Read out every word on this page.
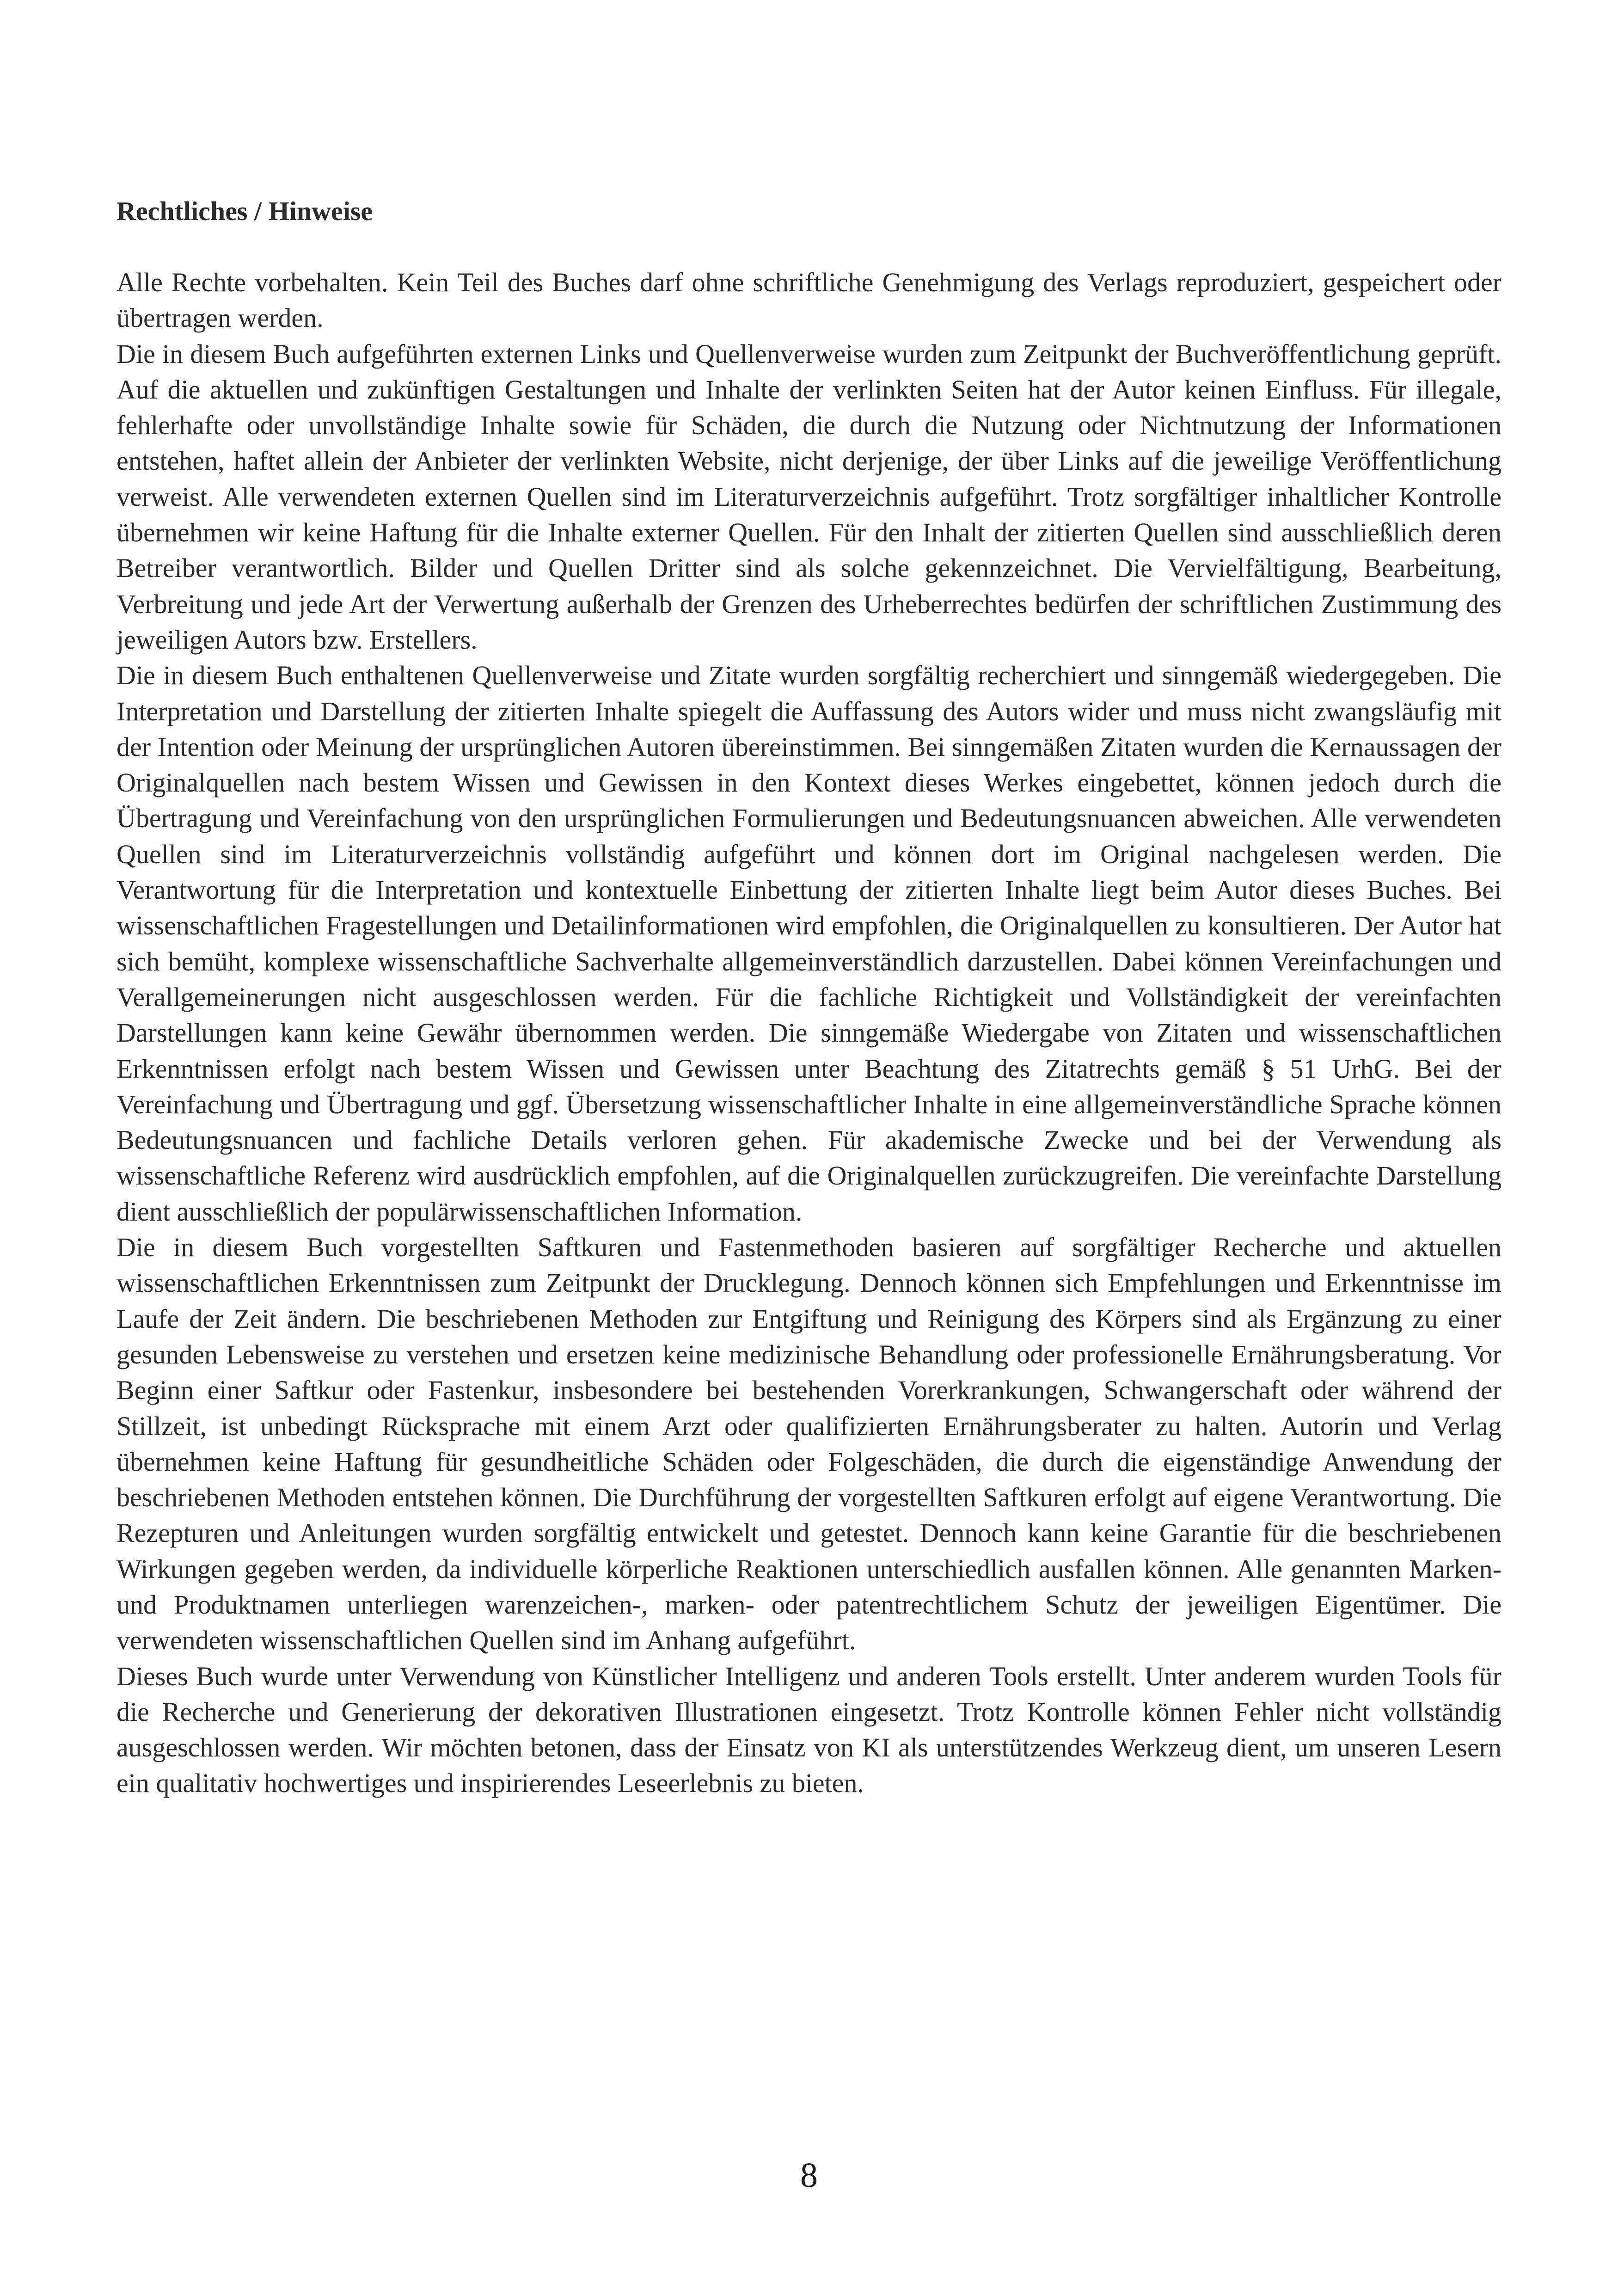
Rechtliches / Hinweise

Alle Rechte vorbehalten. Kein Teil des Buches darf ohne schriftliche Genehmigung des Verlags reproduziert, gespeichert oder übertragen werden.

Die in diesem Buch aufgeführten externen Links und Quellenverweise wurden zum Zeitpunkt der Buchveröffentlichung geprüft. Auf die aktuellen und zukünftigen Gestaltungen und Inhalte der verlinkten Seiten hat der Autor keinen Einfluss. Für illegale, fehlerhafte oder unvollständige Inhalte sowie für Schäden, die durch die Nutzung oder Nichtnutzung der Informationen entstehen, haftet allein der Anbieter der verlinkten Website, nicht derjenige, der über Links auf die jeweilige Veröffentlichung verweist. Alle verwendeten externen Quellen sind im Literaturverzeichnis aufgeführt. Trotz sorgfältiger inhaltlicher Kontrolle übernehmen wir keine Haftung für die Inhalte externer Quellen. Für den Inhalt der zitierten Quellen sind ausschließlich deren Betreiber verantwortlich. Bilder und Quellen Dritter sind als solche gekennzeichnet. Die Vervielfältigung, Bearbeitung, Verbreitung und jede Art der Verwertung außerhalb der Grenzen des Urheberrechtes bedürfen der schriftlichen Zustimmung des jeweiligen Autors bzw. Erstellers.

Die in diesem Buch enthaltenen Quellenverweise und Zitate wurden sorgfältig recherchiert und sinngemäß wiedergegeben. Die Interpretation und Darstellung der zitierten Inhalte spiegelt die Auffassung des Autors wider und muss nicht zwangsläufig mit der Intention oder Meinung der ursprünglichen Autoren übereinstimmen. Bei sinngemäßen Zitaten wurden die Kernaussagen der Originalquellen nach bestem Wissen und Gewissen in den Kontext dieses Werkes eingebettet, können jedoch durch die Übertragung und Vereinfachung von den ursprünglichen Formulierungen und Bedeutungsnuancen abweichen. Alle verwendeten Quellen sind im Literaturverzeichnis vollständig aufgeführt und können dort im Original nachgelesen werden. Die Verantwortung für die Interpretation und kontextuelle Einbettung der zitierten Inhalte liegt beim Autor dieses Buches. Bei wissenschaftlichen Fragestellungen und Detailinformationen wird empfohlen, die Originalquellen zu konsultieren. Der Autor hat sich bemüht, komplexe wissenschaftliche Sachverhalte allgemeinverständlich darzustellen. Dabei können Vereinfachungen und Verallgemeinerungen nicht ausgeschlossen werden. Für die fachliche Richtigkeit und Vollständigkeit der vereinfachten Darstellungen kann keine Gewähr übernommen werden. Die sinngemäße Wiedergabe von Zitaten und wissenschaftlichen Erkenntnissen erfolgt nach bestem Wissen und Gewissen unter Beachtung des Zitatrechts gemäß § 51 UrhG. Bei der Vereinfachung und Übertragung und ggf. Übersetzung wissenschaftlicher Inhalte in eine allgemeinverständliche Sprache können Bedeutungsnuancen und fachliche Details verloren gehen. Für akademische Zwecke und bei der Verwendung als wissenschaftliche Referenz wird ausdrücklich empfohlen, auf die Originalquellen zurückzugreifen. Die vereinfachte Darstellung dient ausschließlich der populärwissenschaftlichen Information.

Die in diesem Buch vorgestellten Saftkuren und Fastenmethoden basieren auf sorgfältiger Recherche und aktuellen wissenschaftlichen Erkenntnissen zum Zeitpunkt der Drucklegung. Dennoch können sich Empfehlungen und Erkenntnisse im Laufe der Zeit ändern. Die beschriebenen Methoden zur Entgiftung und Reinigung des Körpers sind als Ergänzung zu einer gesunden Lebensweise zu verstehen und ersetzen keine medizinische Behandlung oder professionelle Ernährungsberatung. Vor Beginn einer Saftkur oder Fastenkur, insbesondere bei bestehenden Vorerkrankungen, Schwangerschaft oder während der Stillzeit, ist unbedingt Rücksprache mit einem Arzt oder qualifizierten Ernährungsberater zu halten. Autorin und Verlag übernehmen keine Haftung für gesundheitliche Schäden oder Folgeschäden, die durch die eigenständige Anwendung der beschriebenen Methoden entstehen können. Die Durchführung der vorgestellten Saftkuren erfolgt auf eigene Verantwortung. Die Rezepturen und Anleitungen wurden sorgfältig entwickelt und getestet. Dennoch kann keine Garantie für die beschriebenen Wirkungen gegeben werden, da individuelle körperliche Reaktionen unterschiedlich ausfallen können. Alle genannten Marken- und Produktnamen unterliegen warenzeichen-, marken- oder patentrechtlichem Schutz der jeweiligen Eigentümer. Die verwendeten wissenschaftlichen Quellen sind im Anhang aufgeführt.

Dieses Buch wurde unter Verwendung von Künstlicher Intelligenz und anderen Tools erstellt. Unter anderem wurden Tools für die Recherche und Generierung der dekorativen Illustrationen eingesetzt. Trotz Kontrolle können Fehler nicht vollständig ausgeschlossen werden. Wir möchten betonen, dass der Einsatz von KI als unterstützendes Werkzeug dient, um unseren Lesern ein qualitativ hochwertiges und inspirierendes Leseerlebnis zu bieten.

8
